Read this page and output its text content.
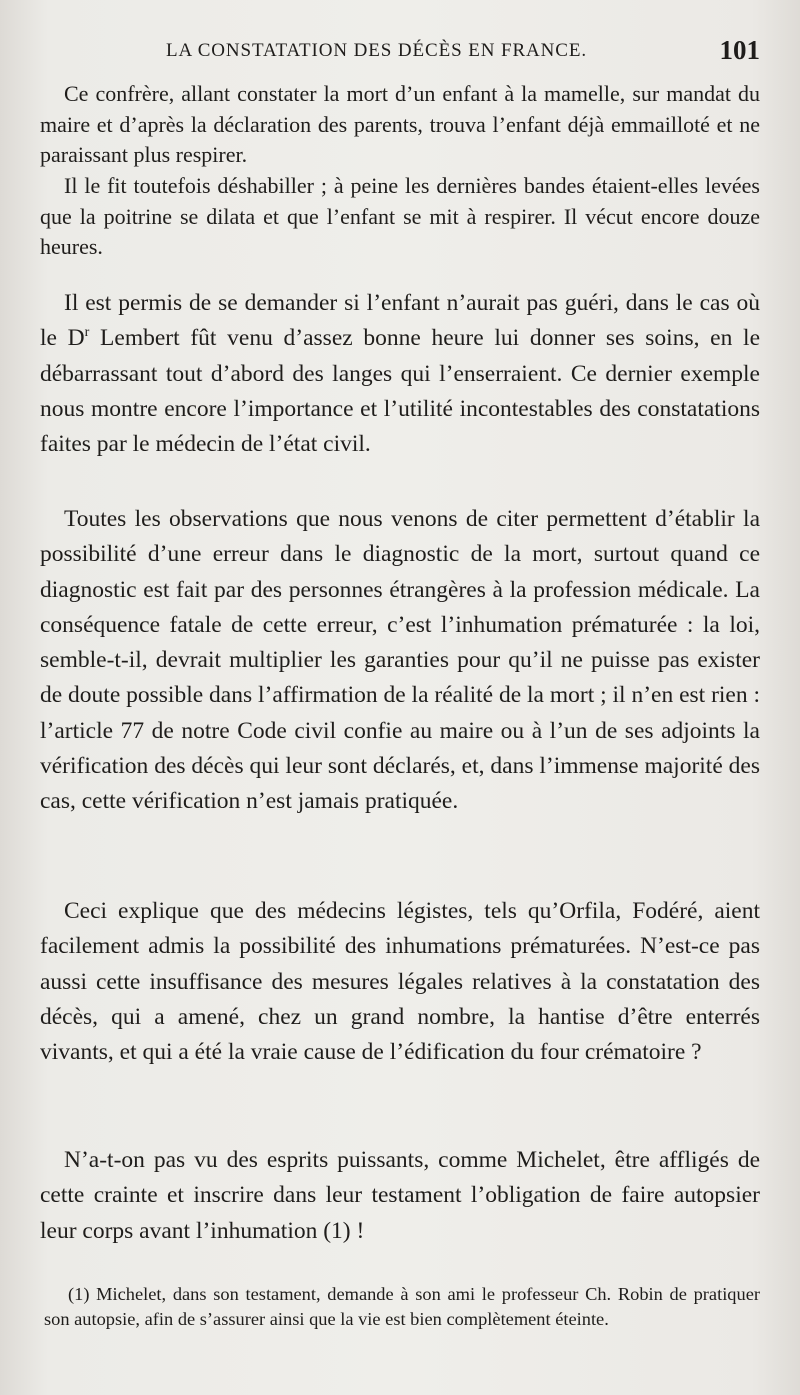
LA CONSTATATION DES DÉCÈS EN FRANCE.	101

Ce confrère, allant constater la mort d’un enfant à la mamelle, sur mandat du maire et d’après la déclaration des parents, trouva l’enfant déjà emmailloté et ne paraissant plus respirer.

Il le fit toutefois déshabiller ; à peine les dernières bandes étaient-elles levées que la poitrine se dilata et que l’enfant se mit à respirer. Il vécut encore douze heures.

Il est permis de se demander si l’enfant n’aurait pas guéri, dans le cas où le $D^r$ Lembert fût venu d’assez bonne heure lui donner ses soins, en le débarrassant tout d’abord des langes qui l’enserraient. Ce dernier exemple nous montre encore l’importance et l’utilité incontestables des constatations faites par le médecin de l’état civil.

Toutes les observations que nous venons de citer permettent d’établir la possibilité d’une erreur dans le diagnostic de la mort, surtout quand ce diagnostic est fait par des personnes étrangères à la profession médicale. La conséquence fatale de cette erreur, c’est l’inhumation prématurée : la loi, semble-t-il, devrait multiplier les garanties pour qu’il ne puisse pas exister de doute possible dans l’affirmation de la réalité de la mort ; il n’en est rien : l’article 77 de notre Code civil confie au maire ou à l’un de ses adjoints la vérification des décès qui leur sont déclarés, et, dans l’immense majorité des cas, cette vérification n’est jamais pratiquée.

Ceci explique que des médecins légistes, tels qu’Orfila, Fodéré, aient facilement admis la possibilité des inhumations prématurées. N’est-ce pas aussi cette insuffisance des mesures légales relatives à la constatation des décès, qui a amené, chez un grand nombre, la hantise d’être enterrés vivants, et qui a été la vraie cause de l’édification du four crématoire ?

N’a-t-on pas vu des esprits puissants, comme Michelet, être affligés de cette crainte et inscrire dans leur testament l’obligation de faire autopsier leur corps avant l’inhumation (1) !

(1) Michelet, dans son testament, demande à son ami le professeur Ch. Robin de pratiquer son autopsie, afin de s’assurer ainsi que la vie est bien complètement éteinte.
